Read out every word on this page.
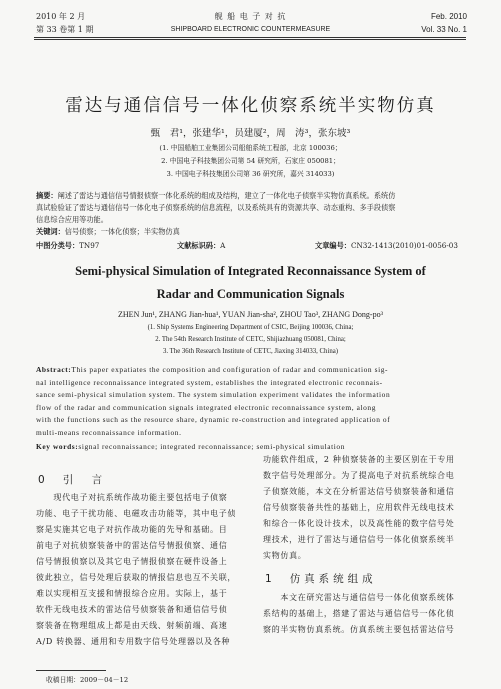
2010 年 2 月
第 33 卷第 1 期
舰 船 电 子 对 抗
SHIPBOARD ELECTRONIC COUNTERMEASURE
Feb. 2010
Vol. 33 No. 1
雷达与通信信号一体化侦察系统半实物仿真
甄　君¹，张建华¹，员建厦²，周　涛³，张东坡³
(1. 中国船舶工业集团公司船舶系统工程部，北京 100036；
2. 中国电子科技集团公司第 54 研究所，石家庄 050081；
3. 中国电子科技集团公司第 36 研究所，嘉兴 314033)
摘要：阐述了雷达与通信信号情报侦察一体化系统的组成及结构，建立了一体化电子侦察半实物仿真系统。系统仿
真试验验证了雷达与通信信号一体化电子侦察系统的信息流程，以及系统具有的资源共享、动态重构、多手段侦察
信息综合应用等功能。
关键词：信号侦察；一体化侦察；半实物仿真
中图分类号：TN97	文献标识码：A	文章编号：CN32-1413(2010)01-0056-03
Semi-physical Simulation of Integrated Reconnaissance System of
Radar and Communication Signals
ZHEN Jun¹, ZHANG Jian-hua¹, YUAN Jian-sha², ZHOU Tao³, ZHANG Dong-po³
(1. Ship Systems Engineering Department of CSIC, Beijing 100036, China;
2. The 54th Research Institute of CETC, Shijiazhuang 050081, China;
3. The 36th Research Institute of CETC, Jiaxing 314033, China)
Abstract:This paper expatiates the composition and configuration of radar and communication sig-
nal intelligence reconnaissance integrated system, establishes the integrated electronic reconnais-
sance semi-physical simulation system. The system simulation experiment validates the information
flow of the radar and communication signals integrated electronic reconnaissance system, along
with the functions such as the resource share, dynamic re-construction and integrated application of
multi-means reconnaissance information.
Key words:signal reconnaissance; integrated reconnaissance; semi-physical simulation
0 引　言
　　现代电子对抗系统作战功能主要包括电子侦察
功能、电子干扰功能、电磁攻击功能等，其中电子侦
察是实施其它电子对抗作战功能的先导和基础。目
前电子对抗侦察装备中的雷达信号情报侦察、通信
信号情报侦察以及其它电子情报侦察在硬件设备上
彼此独立，信号处理后获取的情报信息也互不关联，
难以实现相互支援和情报综合应用。实际上，基于
软件无线电技术的雷达信号侦察装备和通信信号侦
察装备在物理组成上都是由天线、射频前端、高速
A/D 转换器、通用和专用数字信号处理器以及各种
收稿日期：2009－04－12
功能软件组成，2 种侦察装备的主要区别在于专用
数字信号处理部分。为了提高电子对抗系统综合电
子侦察效能，本文在分析雷达信号侦察装备和通信
信号侦察装备共性的基础上，应用软件无线电技术
和综合一体化设计技术，以及高性能的数字信号处
理技术，进行了雷达与通信信号一体化侦察系统半
实物仿真。
1 仿真系统组成
　　本文在研究雷达与通信信号一体化侦察系统体
系结构的基础上，搭建了雷达与通信信号一体化侦
察的半实物仿真系统。仿真系统主要包括雷达信号
